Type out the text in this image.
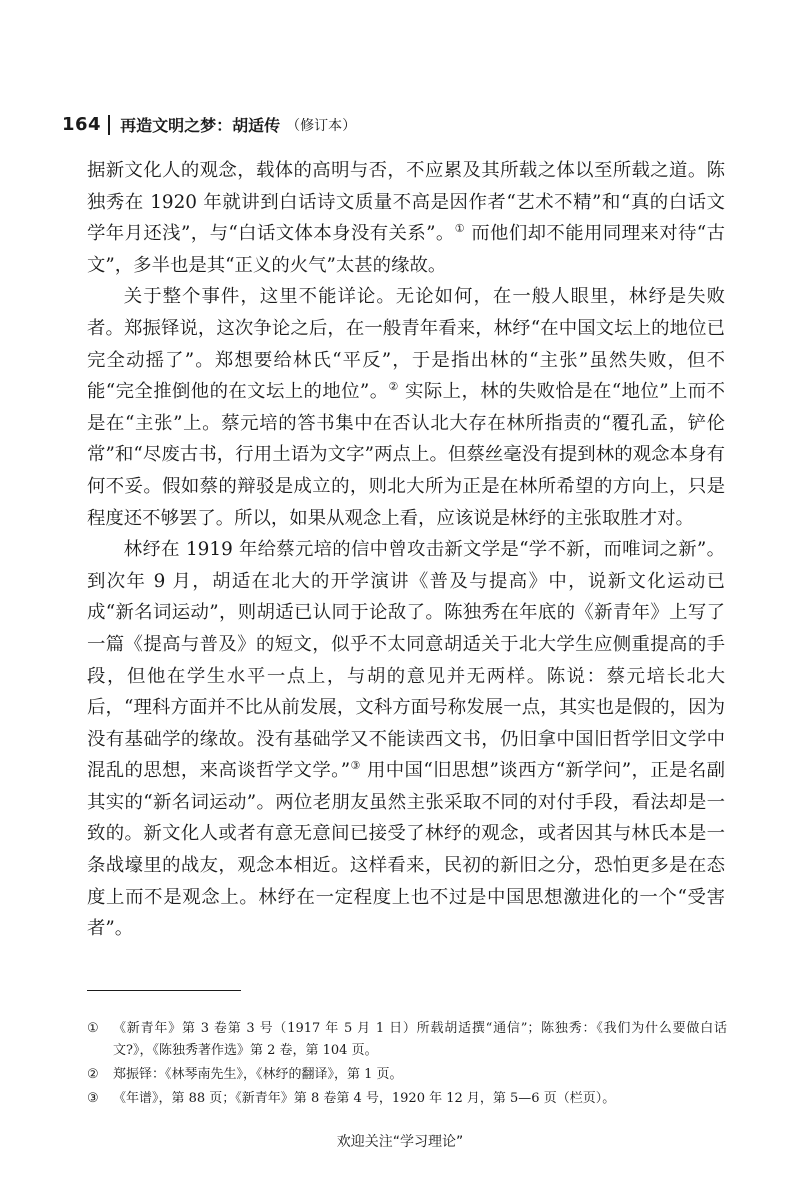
164 再造文明之梦：胡适传 （修订本）

据新文化人的观念，载体的高明与否，不应累及其所载之体以至所载之道。陈独秀在 1920 年就讲到白话诗文质量不高是因作者“艺术不精”和“真的白话文学年月还浅”，与“白话文体本身没有关系”。① 而他们却不能用同理来对待“古文”，多半也是其“正义的火气”太甚的缘故。

关于整个事件，这里不能详论。无论如何，在一般人眼里，林纾是失败者。郑振铎说，这次争论之后，在一般青年看来，林纾“在中国文坛上的地位已完全动摇了”。郑想要给林氏“平反”，于是指出林的“主张”虽然失败，但不能“完全推倒他的在文坛上的地位”。② 实际上，林的失败恰是在“地位”上而不是在“主张”上。蔡元培的答书集中在否认北大存在林所指责的“覆孔孟，铲伦常”和“尽废古书，行用土语为文字”两点上。但蔡丝毫没有提到林的观念本身有何不妥。假如蔡的辩驳是成立的，则北大所为正是在林所希望的方向上，只是程度还不够罢了。所以，如果从观念上看，应该说是林纾的主张取胜才对。

林纾在 1919 年给蔡元培的信中曾攻击新文学是“学不新，而唯词之新”。到次年 9 月，胡适在北大的开学演讲《普及与提高》中，说新文化运动已成“新名词运动”，则胡适已认同于论敌了。陈独秀在年底的《新青年》上写了一篇《提高与普及》的短文，似乎不太同意胡适关于北大学生应侧重提高的手段，但他在学生水平一点上，与胡的意见并无两样。陈说：蔡元培长北大后，“理科方面并不比从前发展，文科方面号称发展一点，其实也是假的，因为没有基础学的缘故。没有基础学又不能读西文书，仍旧拿中国旧哲学旧文学中混乱的思想，来高谈哲学文学。”③ 用中国“旧思想”谈西方“新学问”，正是名副其实的“新名词运动”。两位老朋友虽然主张采取不同的对付手段，看法却是一致的。新文化人或者有意无意间已接受了林纾的观念，或者因其与林氏本是一条战壕里的战友，观念本相近。这样看来，民初的新旧之分，恐怕更多是在态度上而不是观念上。林纾在一定程度上也不过是中国思想激进化的一个“受害者”。

①	《新青年》第 3 卷第 3 号（1917 年 5 月 1 日）所载胡适撰“通信”；陈独秀：《我们为什么要做白话文?》，《陈独秀著作选》第 2 卷，第 104 页。
②	郑振铎：《林琴南先生》，《林纾的翻译》，第 1 页。
③	《年谱》，第 88 页；《新青年》第 8 卷第 4 号，1920 年 12 月，第 5—6 页（栏页）。
欢迎关注“学习理论”
